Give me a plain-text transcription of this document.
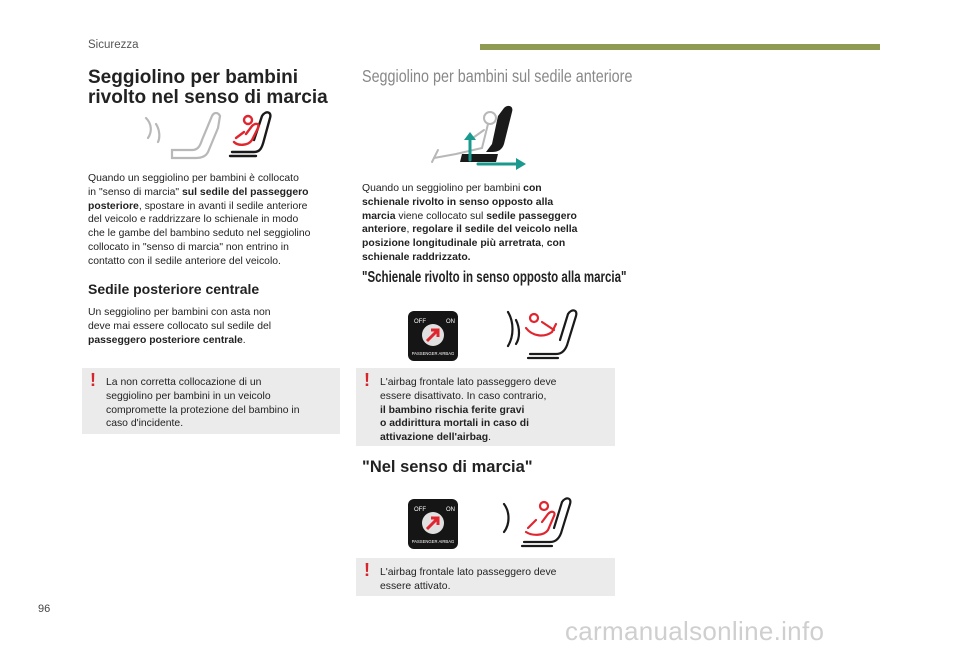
Sicurezza
96
carmanualsonline.info
Seggiolino per bambini
rivolto nel senso di marcia
Quando un seggiolino per bambini è collocato
in "senso di marcia" sul sedile del passeggero
posteriore, spostare in avanti il sedile anteriore
del veicolo e raddrizzare lo schienale in modo
che le gambe del bambino seduto nel seggiolino
collocato in "senso di marcia" non entrino in
contatto con il sedile anteriore del veicolo.
Sedile posteriore centrale
Un seggiolino per bambini con asta non
deve mai essere collocato sul sedile del
passeggero posteriore centrale.
! La non corretta collocazione di un
seggiolino per bambini in un veicolo
compromette la protezione del bambino in
caso d'incidente.
Seggiolino per bambini sul sedile anteriore
Quando un seggiolino per bambini con
schienale rivolto in senso opposto alla
marcia viene collocato sul sedile passeggero
anteriore, regolare il sedile del veicolo nella
posizione longitudinale più arretrata, con
schienale raddrizzato.
"Schienale rivolto in senso opposto alla marcia"
OFF	ON
PASSENGER AIRBAG
! L'airbag frontale lato passeggero deve
essere disattivato. In caso contrario,
il bambino rischia ferite gravi
o addirittura mortali in caso di
attivazione dell'airbag.
"Nel senso di marcia"
OFF	ON
PASSENGER AIRBAG
! L'airbag frontale lato passeggero deve
essere attivato.
